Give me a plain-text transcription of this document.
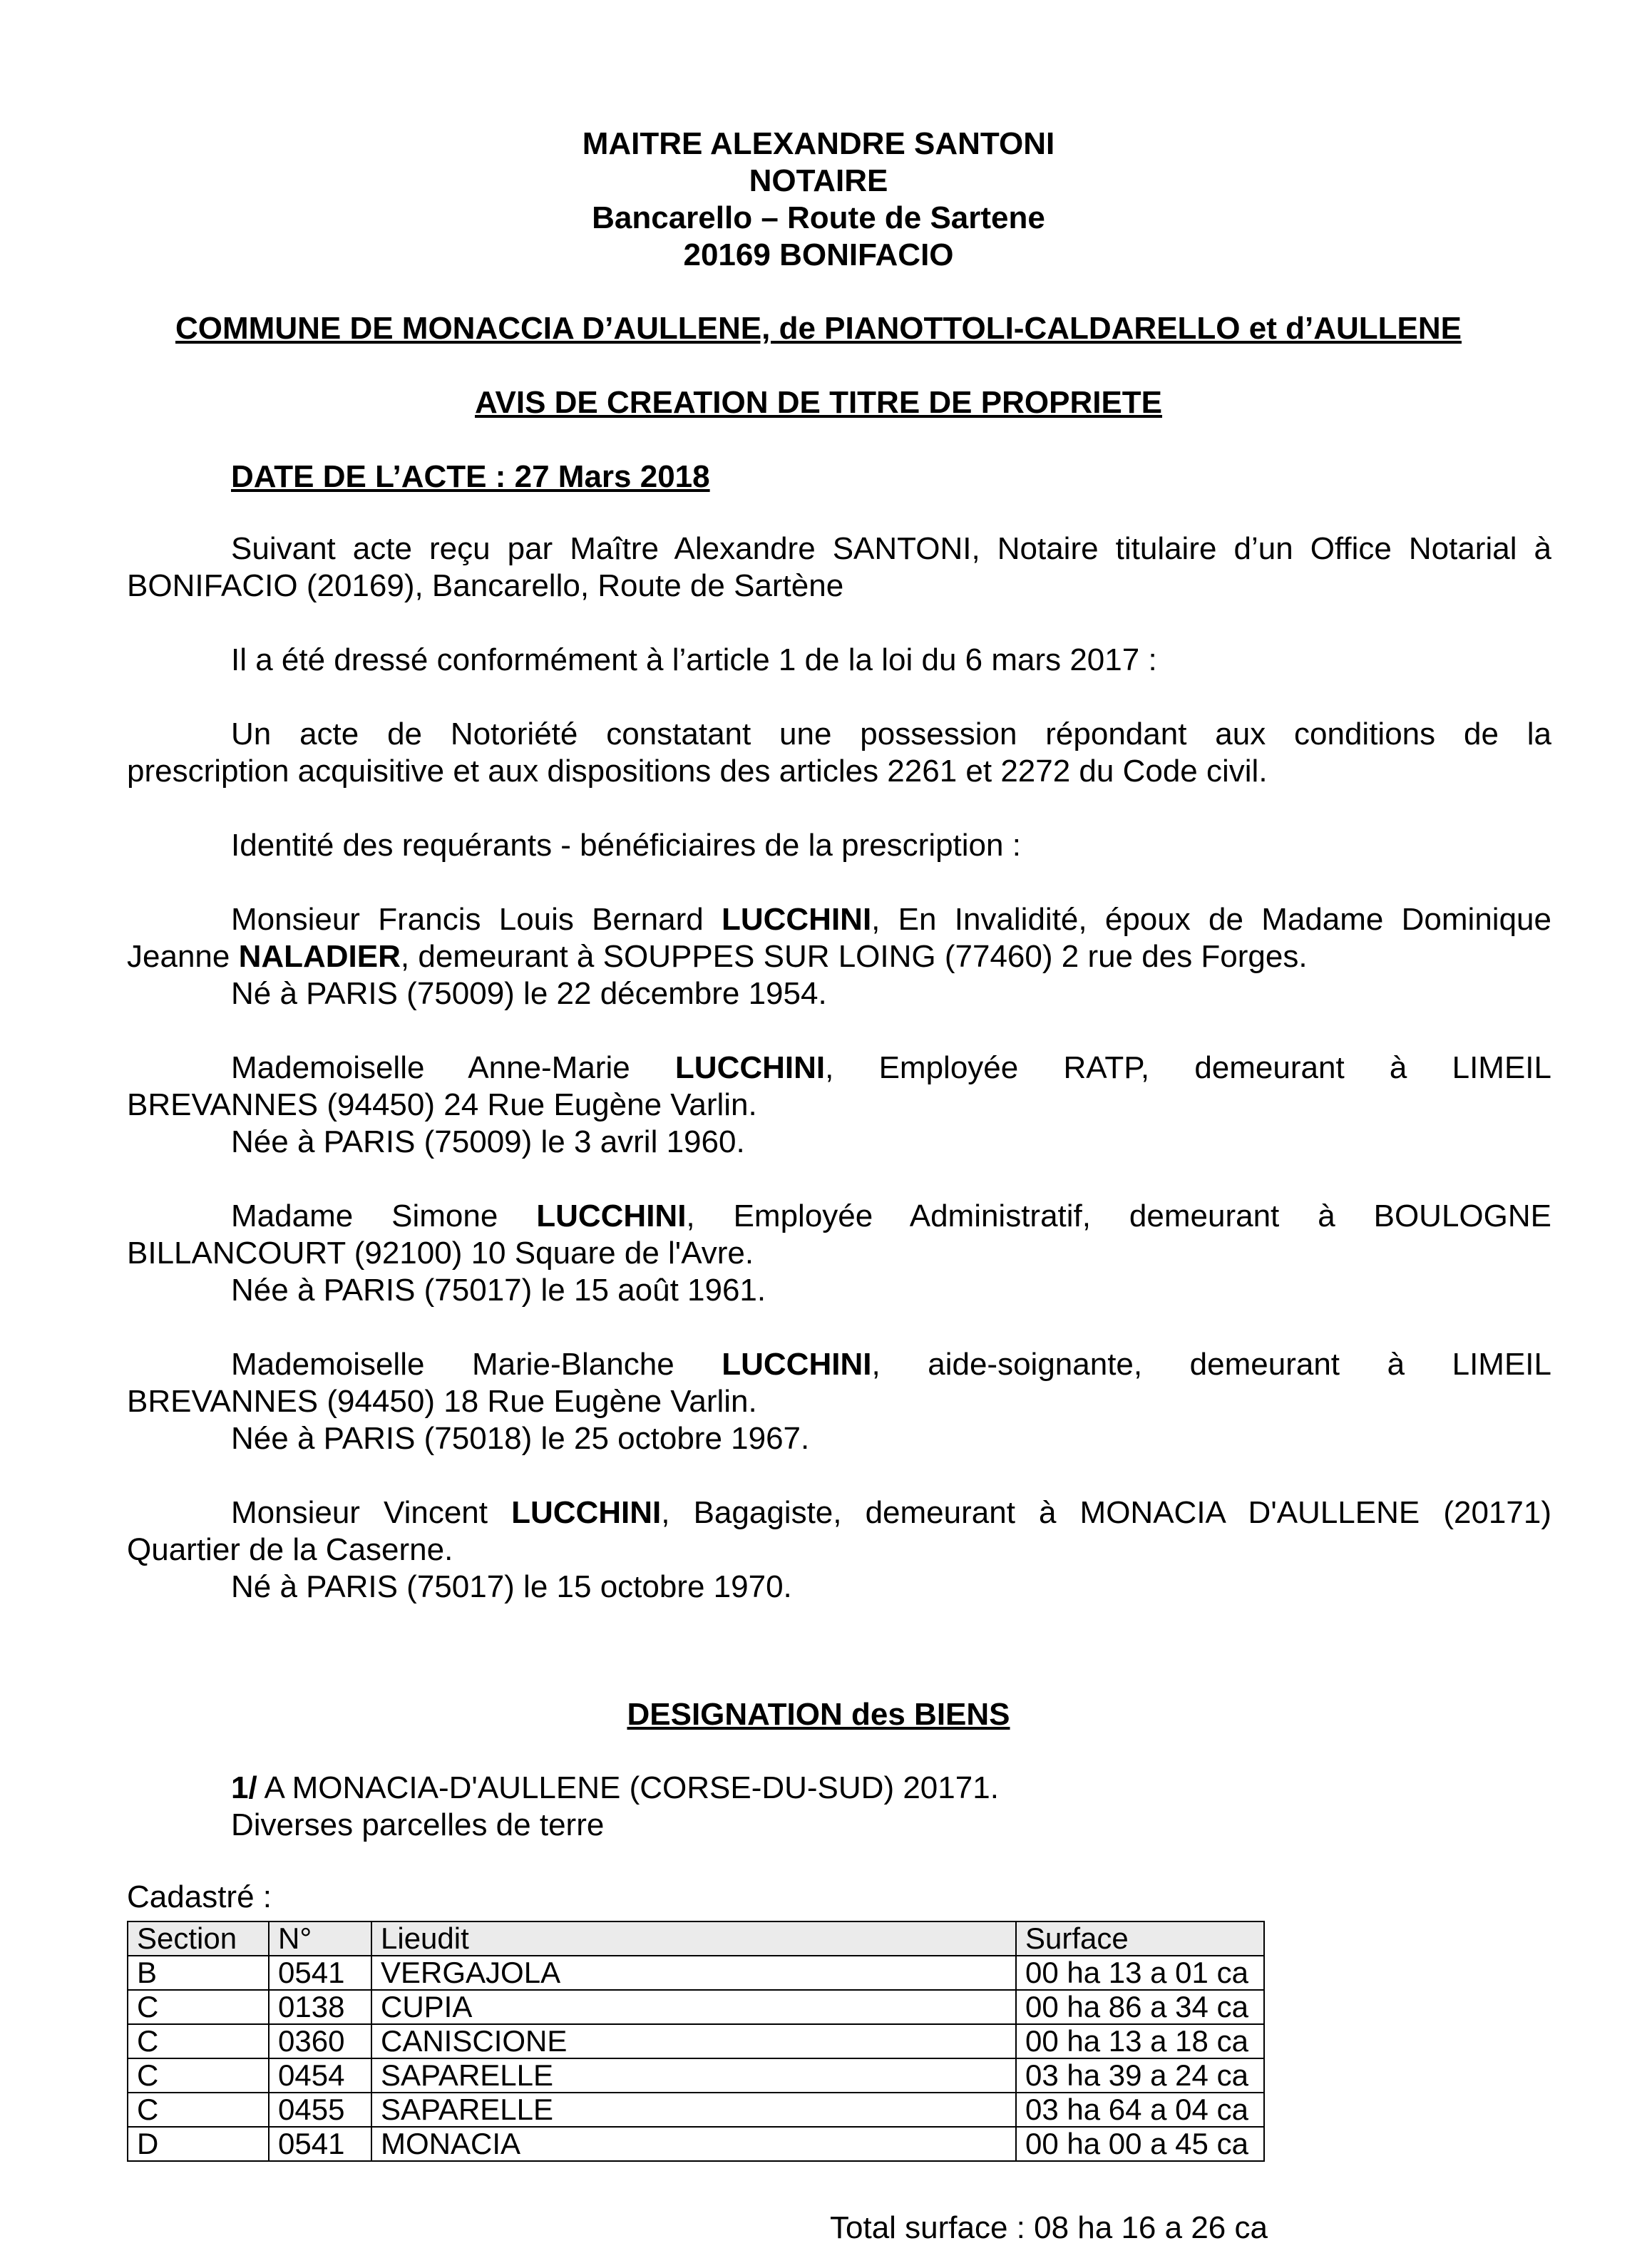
MAITRE ALEXANDRE SANTONI
NOTAIRE
Bancarello – Route de Sartene
20169 BONIFACIO
COMMUNE DE MONACCIA D’AULLENE, de PIANOTTOLI-CALDARELLO et d’AULLENE
AVIS DE CREATION DE TITRE DE PROPRIETE
DATE DE L’ACTE : 27 Mars 2018

Suivant acte reçu par Maître Alexandre SANTONI, Notaire titulaire d’un Office Notarial à

BONIFACIO (20169), Bancarello, Route de Sartène

Il a été dressé conformément à l’article 1 de la loi du 6 mars 2017 :

Un acte de Notoriété constatant une possession répondant aux conditions de la

prescription acquisitive et aux dispositions des articles 2261 et 2272 du Code civil.

Identité des requérants - bénéficiaires de la prescription :

Monsieur Francis Louis Bernard LUCCHINI, En Invalidité, époux de Madame Dominique

Jeanne NALADIER, demeurant à SOUPPES SUR LOING (77460) 2 rue des Forges.

Né à PARIS (75009) le 22 décembre 1954.

Mademoiselle Anne-Marie LUCCHINI, Employée RATP, demeurant à LIMEIL

BREVANNES (94450) 24 Rue Eugène Varlin.

Née à PARIS (75009) le 3 avril 1960.

Madame Simone LUCCHINI, Employée Administratif, demeurant à BOULOGNE

BILLANCOURT (92100) 10 Square de l'Avre.

Née à PARIS (75017) le 15 août 1961.

Mademoiselle Marie-Blanche LUCCHINI, aide-soignante, demeurant à LIMEIL

BREVANNES (94450) 18 Rue Eugène Varlin.

Née à PARIS (75018) le 25 octobre 1967.

Monsieur Vincent LUCCHINI, Bagagiste, demeurant à MONACIA D'AULLENE (20171)

Quartier de la Caserne.

Né à PARIS (75017) le 15 octobre 1970.

DESIGNATION des BIENS
1/ A MONACIA-D'AULLENE (CORSE-DU-SUD) 20171.
Diverses parcelles de terre
Cadastré :
Section	N°	Lieudit	Surface
B	0541	VERGAJOLA	00 ha 13 a 01 ca
C	0138	CUPIA	00 ha 86 a 34 ca
C	0360	CANISCIONE	00 ha 13 a 18 ca
C	0454	SAPARELLE	03 ha 39 a 24 ca
C	0455	SAPARELLE	03 ha 64 a 04 ca
D	0541	MONACIA	00 ha 00 a 45 ca
Total surface : 08 ha 16 a 26 ca
